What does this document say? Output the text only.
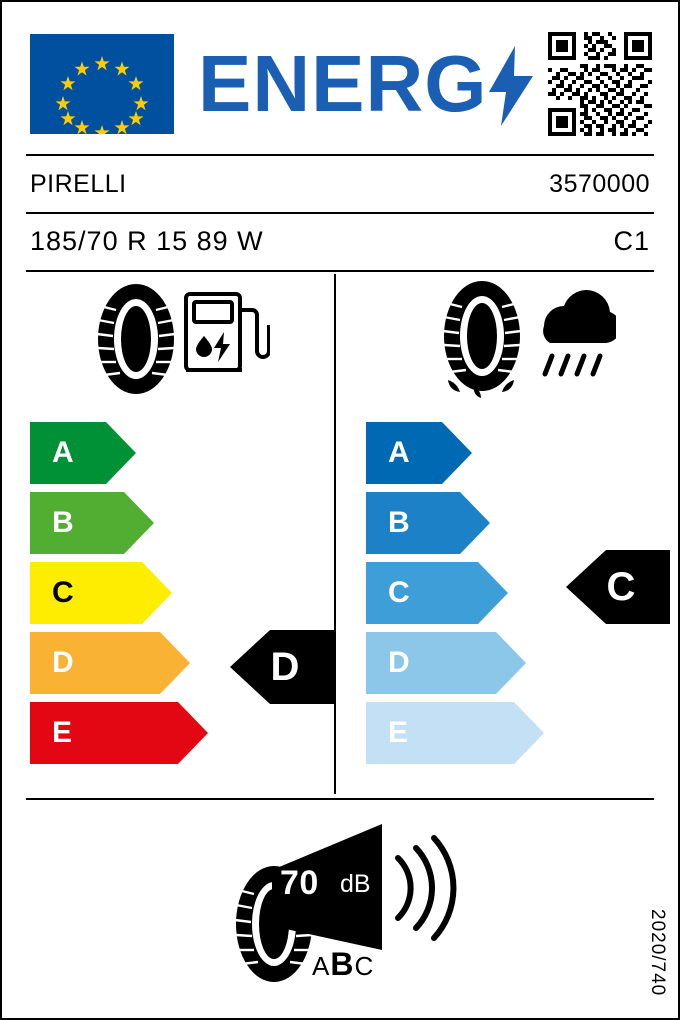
ENERG
PIRELLI	3570000
185/70 R 15 89 W	C1
A
B
C
D
E
A
B
C
D
E
D
C
70 dB
ABC	2020/740
